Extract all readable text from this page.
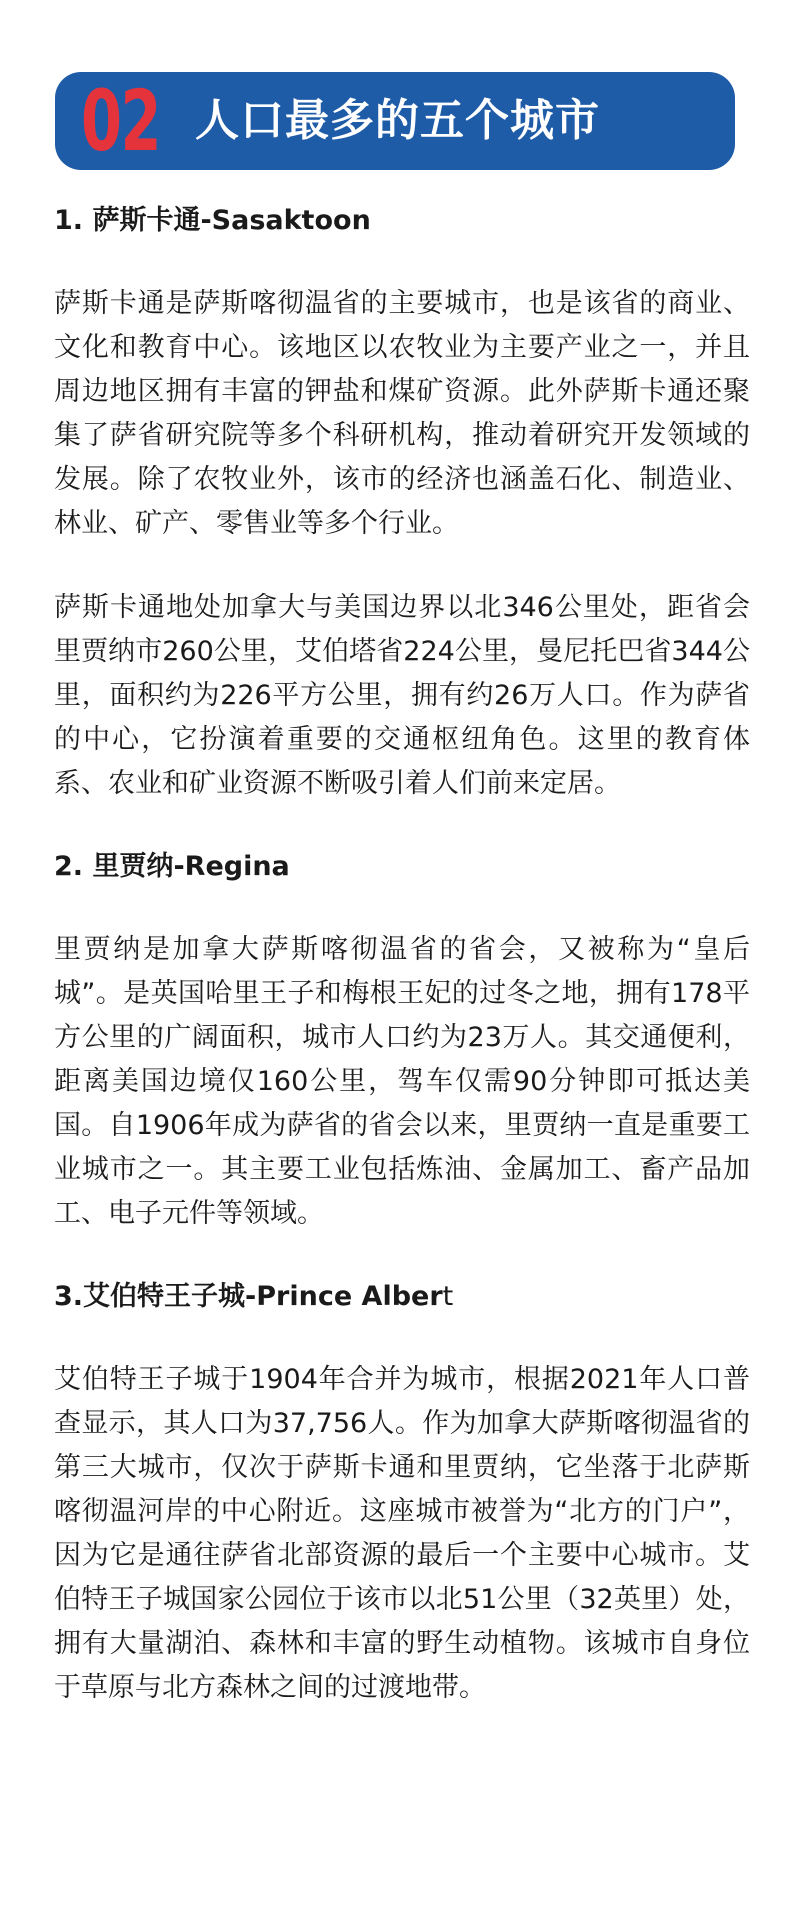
02 人口最多的五个城市
1. 萨斯卡通-Sasaktoon

萨斯卡通是萨斯喀彻温省的主要城市，也是该省的商业、文化和教育中心。该地区以农牧业为主要产业之一，并且周边地区拥有丰富的钾盐和煤矿资源。此外萨斯卡通还聚集了萨省研究院等多个科研机构，推动着研究开发领域的发展。除了农牧业外，该市的经济也涵盖石化、制造业、林业、矿产、零售业等多个行业。

萨斯卡通地处加拿大与美国边界以北346公里处，距省会里贾纳市260公里，艾伯塔省224公里，曼尼托巴省344公里，面积约为226平方公里，拥有约26万人口。作为萨省的中心，它扮演着重要的交通枢纽角色。这里的教育体系、农业和矿业资源不断吸引着人们前来定居。

2. 里贾纳-Regina

里贾纳是加拿大萨斯喀彻温省的省会，又被称为“皇后城”。是英国哈里王子和梅根王妃的过冬之地，拥有178平方公里的广阔面积，城市人口约为23万人。其交通便利，距离美国边境仅160公里，驾车仅需90分钟即可抵达美国。自1906年成为萨省的省会以来，里贾纳一直是重要工业城市之一。其主要工业包括炼油、金属加工、畜产品加工、电子元件等领域。

3.艾伯特王子城-Prince Albert

艾伯特王子城于1904年合并为城市，根据2021年人口普查显示，其人口为37,756人。作为加拿大萨斯喀彻温省的第三大城市，仅次于萨斯卡通和里贾纳，它坐落于北萨斯喀彻温河岸的中心附近。这座城市被誉为“北方的门户”，因为它是通往萨省北部资源的最后一个主要中心城市。艾伯特王子城国家公园位于该市以北51公里（32英里）处，拥有大量湖泊、森林和丰富的野生动植物。该城市自身位于草原与北方森林之间的过渡地带。
